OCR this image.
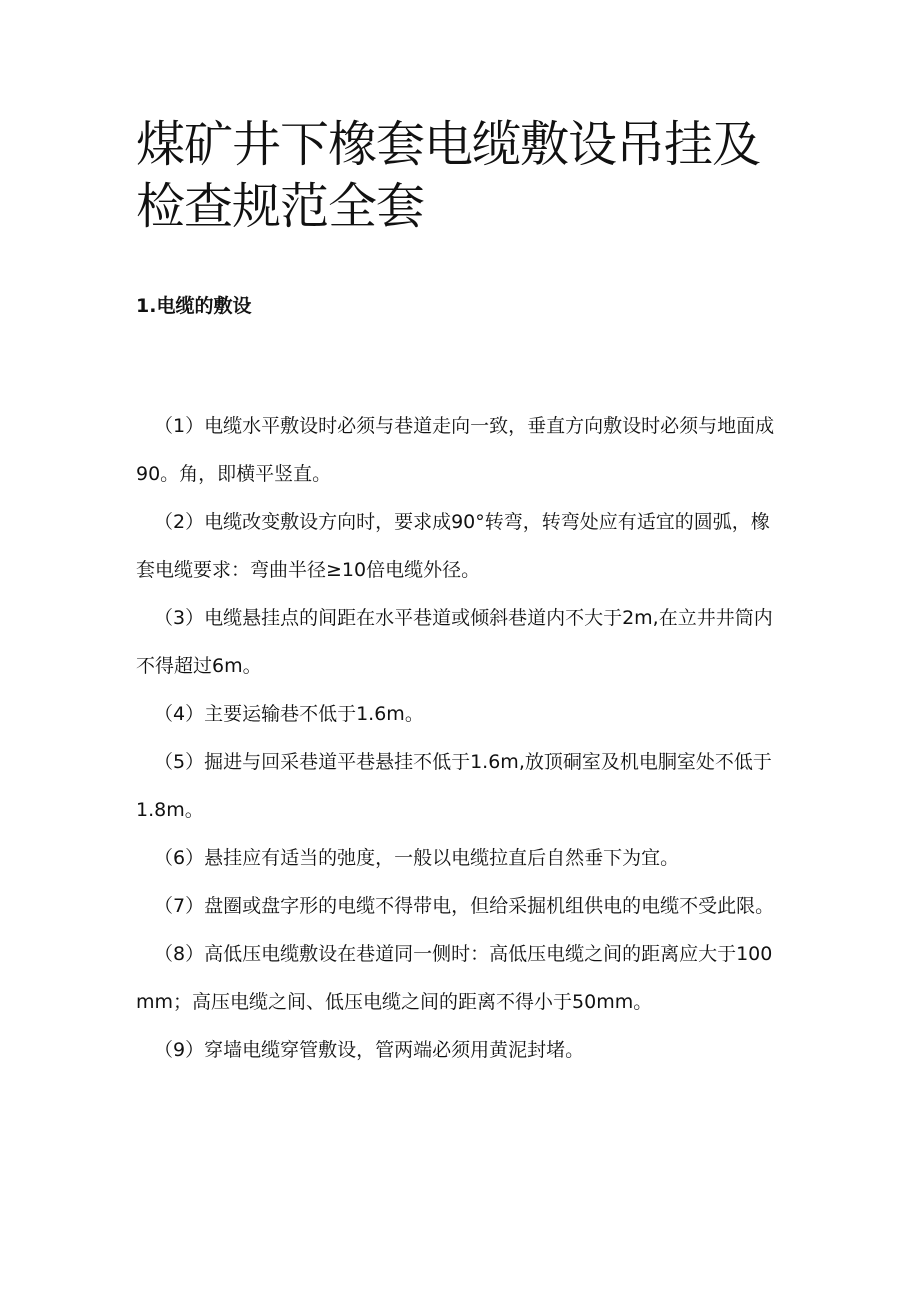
煤矿井下橡套电缆敷设吊挂及检查规范全套
1.电缆的敷设
（1）电缆水平敷设时必须与巷道走向一致，垂直方向敷设时必须与地面成90。角，即横平竖直。
（2）电缆改变敷设方向时，要求成90°转弯，转弯处应有适宜的圆弧，橡套电缆要求：弯曲半径≥10倍电缆外径。
（3）电缆悬挂点的间距在水平巷道或倾斜巷道内不大于2m,在立井井筒内不得超过6m。
（4）主要运输巷不低于1.6m。
（5）掘进与回采巷道平巷悬挂不低于1.6m,放顶硐室及机电胴室处不低于1.8m。
（6）悬挂应有适当的弛度，一般以电缆拉直后自然垂下为宜。
（7）盘圈或盘字形的电缆不得带电，但给采掘机组供电的电缆不受此限。
（8）高低压电缆敷设在巷道同一侧时：高低压电缆之间的距离应大于100mm；高压电缆之间、低压电缆之间的距离不得小于50mm。
（9）穿墙电缆穿管敷设，管两端必须用黄泥封堵。
